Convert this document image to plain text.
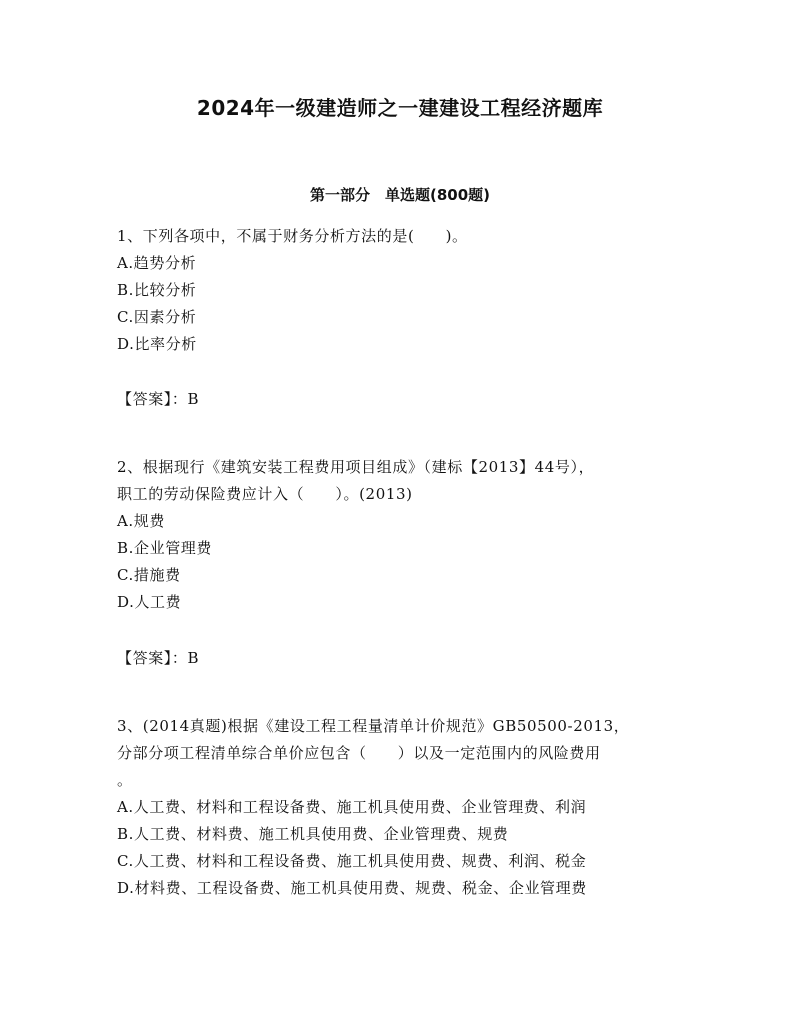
2024年一级建造师之一建建设工程经济题库
第一部分　单选题(800题)
1、下列各项中，不属于财务分析方法的是(　　)。
A.趋势分析
B.比较分析
C.因素分析
D.比率分析
【答案】：B
2、根据现行《建筑安装工程费用项目组成》（建标【2013】44号），
职工的劳动保险费应计入（　　）。(2013)
A.规费
B.企业管理费
C.措施费
D.人工费
【答案】：B
3、(2014真题)根据《建设工程工程量清单计价规范》GB50500-2013，
分部分项工程清单综合单价应包含（　　）以及一定范围内的风险费用
。
A.人工费、材料和工程设备费、施工机具使用费、企业管理费、利润
B.人工费、材料费、施工机具使用费、企业管理费、规费
C.人工费、材料和工程设备费、施工机具使用费、规费、利润、税金
D.材料费、工程设备费、施工机具使用费、规费、税金、企业管理费
